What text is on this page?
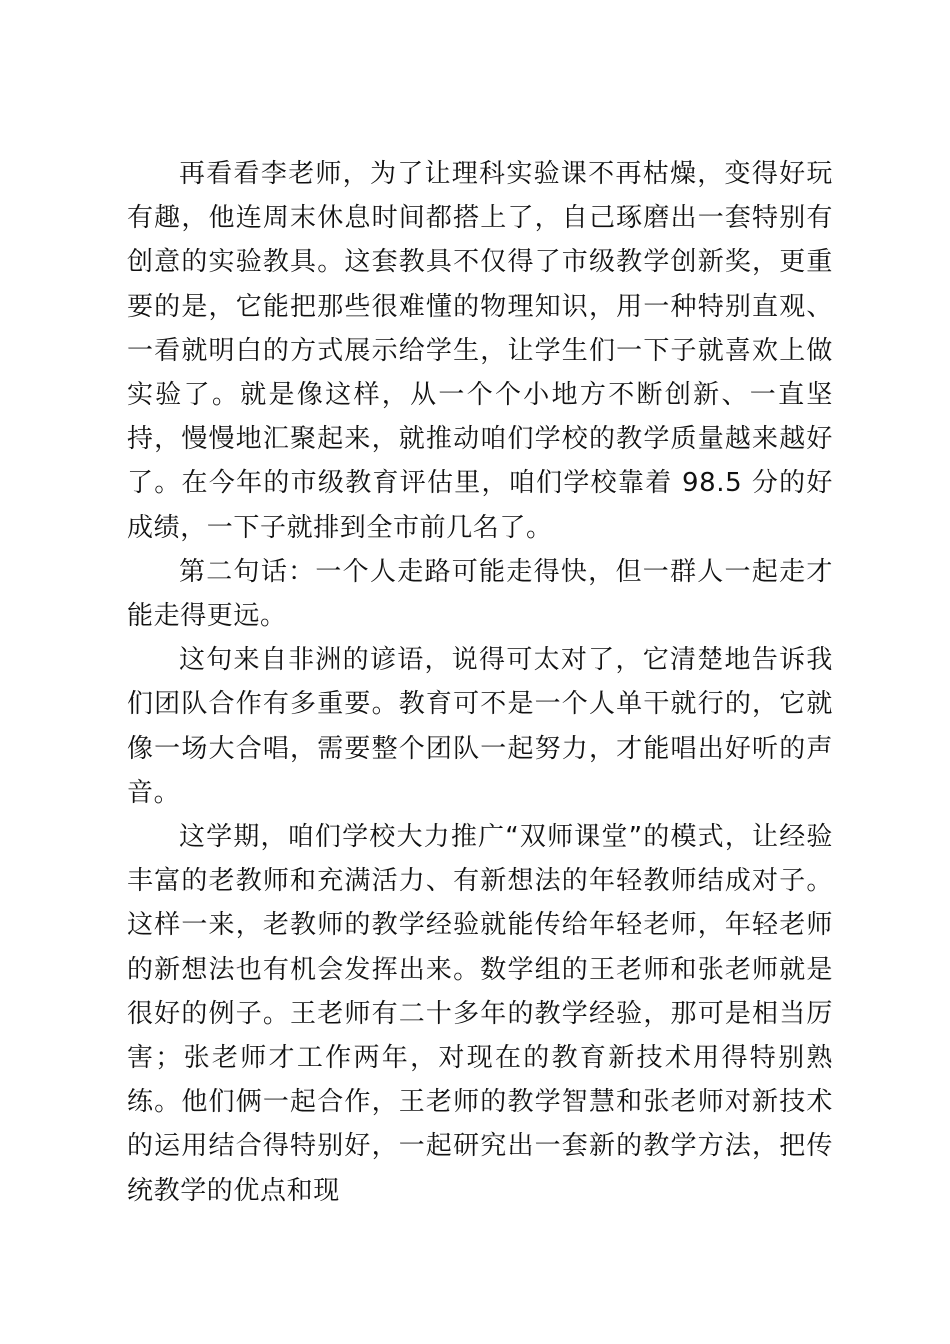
再看看李老师，为了让理科实验课不再枯燥，变得好玩有趣，他连周末休息时间都搭上了，自己琢磨出一套特别有创意的实验教具。这套教具不仅得了市级教学创新奖，更重要的是，它能把那些很难懂的物理知识，用一种特别直观、一看就明白的方式展示给学生，让学生们一下子就喜欢上做实验了。就是像这样，从一个个小地方不断创新、一直坚持，慢慢地汇聚起来，就推动咱们学校的教学质量越来越好了。在今年的市级教育评估里，咱们学校靠着 98.5 分的好成绩，一下子就排到全市前几名了。

第二句话：一个人走路可能走得快，但一群人一起走才能走得更远。

这句来自非洲的谚语，说得可太对了，它清楚地告诉我们团队合作有多重要。教育可不是一个人单干就行的，它就像一场大合唱，需要整个团队一起努力，才能唱出好听的声音。

这学期，咱们学校大力推广“双师课堂”的模式，让经验丰富的老教师和充满活力、有新想法的年轻教师结成对子。这样一来，老教师的教学经验就能传给年轻老师，年轻老师的新想法也有机会发挥出来。数学组的王老师和张老师就是很好的例子。王老师有二十多年的教学经验，那可是相当厉害；张老师才工作两年，对现在的教育新技术用得特别熟练。他们俩一起合作，王老师的教学智慧和张老师对新技术的运用结合得特别好，一起研究出一套新的教学方法，把传统教学的优点和现
